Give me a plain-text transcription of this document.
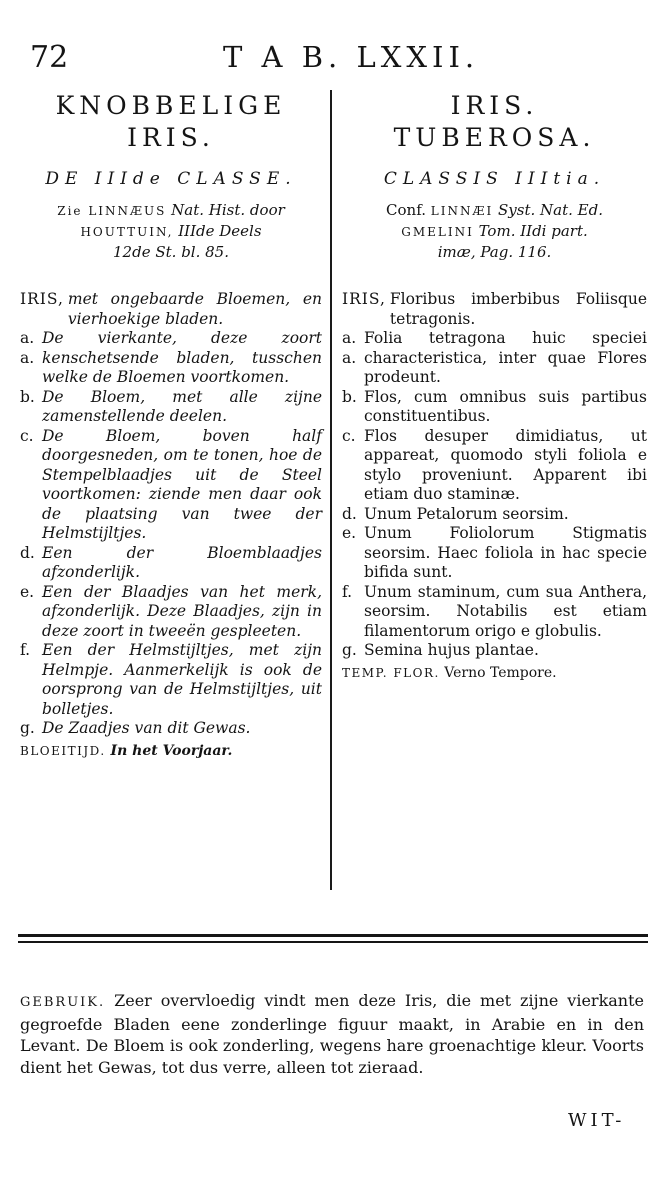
72	T A B. LXXII.
KNOBBELIGE
IRIS.
DE IIIde CLASSE.
Zie LINNÆUS Nat. Hist. door
HOUTTUIN, IIIde Deels
12de St. bl. 85.
IRIS, met ongebaarde Bloemen, en vierhoekige bladen.
a. a.
De vierkante, deze zoort kenschetsende bladen, tusschen welke de Bloemen voortkomen.
b. De Bloem, met alle zijne zamenstellende deelen.
c. De Bloem, boven half doorgesneden, om te tonen, hoe de Stempelblaadjes uit de Steel voortkomen: ziende men daar ook de plaatsing van twee der Helmstijltjes.
d. Een der Bloemblaadjes afzonderlijk.
e. Een der Blaadjes van het merk, afzonderlijk. Deze Blaadjes, zijn in deze zoort in tweeën gespleeten.
f. Een der Helmstijltjes, met zijn Helmpje. Aanmerkelijk is ook de oorsprong van de Helmstijltjes, uit bolletjes.
g. De Zaadjes van dit Gewas.
BLOEITIJD. In het Voorjaar.
IRIS.
TUBEROSA.
CLASSIS IIItia.
Conf. LINNÆI Syst. Nat. Ed.
GMELINI Tom. IIdi part.
imæ, Pag. 116.
IRIS, Floribus imberbibus Foliisque tetragonis.
a. a.
Folia tetragona huic speciei characteristica, inter quae Flores prodeunt.
b. Flos, cum omnibus suis partibus constituentibus.
c. Flos desuper dimidiatus, ut appareat, quomodo styli foliola e stylo proveniunt. Apparent ibi etiam duo staminæ.
d. Unum Petalorum seorsim.
e. Unum Foliolorum Stigmatis seorsim. Haec foliola in hac specie bifida sunt.
f. Unum staminum, cum sua Anthera, seorsim. Notabilis est etiam filamentorum origo e globulis.
g. Semina hujus plantae.
TEMP. FLOR. Verno Tempore.
GEBRUIK. Zeer overvloedig vindt men deze Iris, die met zijne vierkante gegroefde Bladen eene zonderlinge figuur maakt, in Arabie en in den Levant. De Bloem is ook zonderling, wegens hare groenachtige kleur. Voorts dient het Gewas, tot dus verre, alleen tot zieraad.
WIT-
